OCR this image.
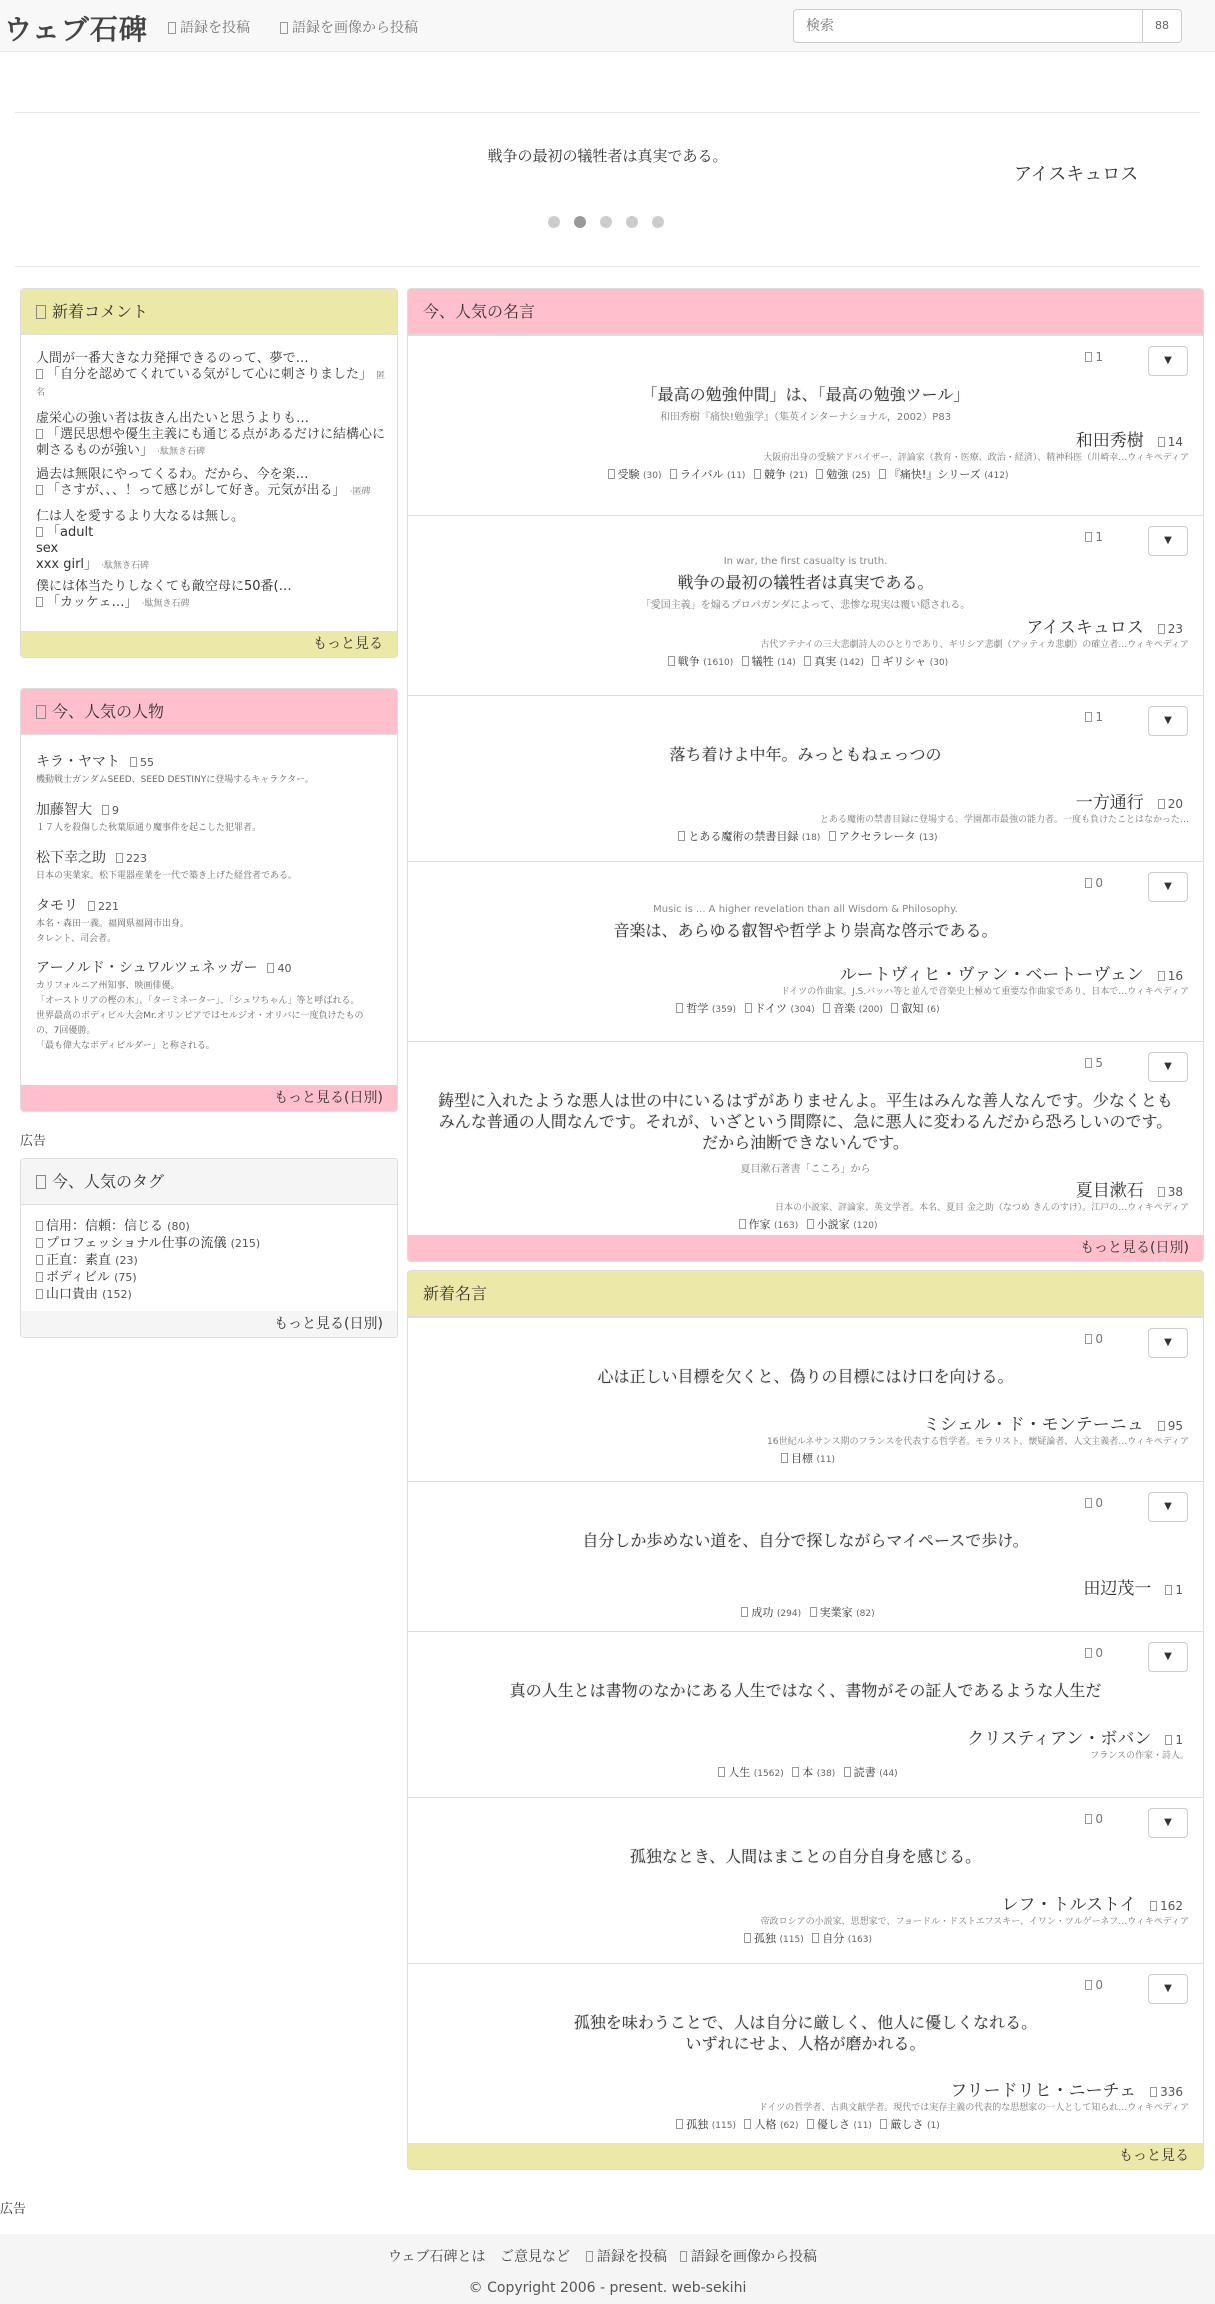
ウェブ石碑	語録を投稿	語録を画像から投稿
検索	88
戦争の最初の犠牲者は真実である。
アイスキュロス
新着コメント
人間が一番大きな力発揮できるのって、夢で…
「自分を認めてくれている気がして心に刺さりました」 匿名
虚栄心の強い者は抜きん出たいと思うよりも…
「選民思想や優生主義にも通じる点があるだけに結構心に刺さるものが強い」 ·駄無き石碑
過去は無限にやってくるわ。だから、今を楽…
「さすが、、、！って感じがして好き。元気が出る」 ·匿碑
仁は人を愛するより大なるは無し。
「adult
sex
xxx girl」 ·駄無き石碑
僕には体当たりしなくても敵空母に50番(…
「カッケェ…」 ·駄無き石碑
もっと見る
今、人気の人物
キラ・ヤマト 55
機動戦士ガンダムSEED、SEED DESTINYに登場するキャラクター。
加藤智大 9
１７人を殺傷した秋葉原通り魔事件を起こした犯罪者。
松下幸之助 223
日本の実業家。松下電器産業を一代で築き上げた経営者である。
タモリ 221
本名・森田一義。福岡県福岡市出身。
タレント、司会者。
アーノルド・シュワルツェネッガー 40
カリフォルニア州知事、映画俳優。
「オーストリアの樫の木」、「ターミネーター」、「シュワちゃん」等と呼ばれる。
世界最高のボディビル大会Mr.オリンピアではセルジオ・オリバに一度負けたものの、7回優勝。
「最も偉大なボディビルダー」と称される。
もっと見る(日別)
広告
今、人気のタグ
信用：信頼：信じる (80)
プロフェッショナル仕事の流儀 (215)
正直：素直 (23)
ボディビル (75)
山口貴由 (152)
もっと見る(日別)
今、人気の名言
1	▼
「最高の勉強仲間」は、「最高の勉強ツール」
和田秀樹『痛快!勉強学』（集英インターナショナル，2002）P83
和田秀樹 14
大阪府出身の受験アドバイザー、評論家（教育・医療、政治・経済）、精神科医（川崎幸…ウィキペディア
受験 (30) ライバル (11) 競争 (21) 勉強 (25) 『痛快!』シリーズ (412)
1	▼
In war, the first casualty is truth.
戦争の最初の犠牲者は真実である。
「愛国主義」を煽るプロパガンダによって、悲惨な現実は覆い隠される。
アイスキュロス 23
古代アテナイの三大悲劇詩人のひとりであり、ギリシア悲劇（アッティカ悲劇）の確立者…ウィキペディア
戦争 (1610) 犠牲 (14) 真実 (142) ギリシャ (30)
1	▼
落ち着けよ中年。みっともねェっつの
一方通行 20
とある魔術の禁書目録に登場する、学園都市最強の能力者。一度も負けたことはなかった…
とある魔術の禁書目録 (18) アクセラレータ (13)
0	▼
Music is ... A higher revelation than all Wisdom & Philosophy.
音楽は、あらゆる叡智や哲学より崇高な啓示である。
ルートヴィヒ・ヴァン・ベートーヴェン 16
ドイツの作曲家。J.S.バッハ等と並んで音楽史上極めて重要な作曲家であり、日本で…ウィキペディア
哲学 (359) ドイツ (304) 音楽 (200) 叡知 (6)
5	▼
鋳型に入れたような悪人は世の中にいるはずがありませんよ。平生はみんな善人なんです。少なくとも
みんな普通の人間なんです。それが、いざという間際に、急に悪人に変わるんだから恐ろしいのです。
だから油断できないんです。
夏目漱石著書「こころ」から
夏目漱石 38
日本の小説家、評論家、英文学者。本名、夏目 金之助（なつめ きんのすけ）。江戸の…ウィキペディア
作家 (163) 小説家 (120)
もっと見る(日別)
新着名言
0	▼
心は正しい目標を欠くと、偽りの目標にはけ口を向ける。
ミシェル・ド・モンテーニュ 95
16世紀ルネサンス期のフランスを代表する哲学者。モラリスト、懐疑論者、人文主義者…ウィキペディア
目標 (11)
0	▼
自分しか歩めない道を、自分で探しながらマイペースで歩け。
田辺茂一 1
成功 (294) 実業家 (82)
0	▼
真の人生とは書物のなかにある人生ではなく、書物がその証人であるような人生だ
クリスティアン・ボバン 1
フランスの作家・詩人。
人生 (1562) 本 (38) 読書 (44)
0	▼
孤独なとき、人間はまことの自分自身を感じる。
レフ・トルストイ 162
帝政ロシアの小説家、思想家で、フョードル・ドストエフスキー、イワン・ツルゲーネフ…ウィキペディア
孤独 (115) 自分 (163)
0	▼
孤独を味わうことで、人は自分に厳しく、他人に優しくなれる。
いずれにせよ、人格が磨かれる。
フリードリヒ・ニーチェ 336
ドイツの哲学者、古典文献学者。現代では実存主義の代表的な思想家の一人として知られ…ウィキペディア
孤独 (115) 人格 (62) 優しさ (11) 厳しさ (1)
もっと見る
広告
ウェブ石碑とは ご意見など	語録を投稿	語録を画像から投稿
© Copyright 2006 - present. web-sekihi
